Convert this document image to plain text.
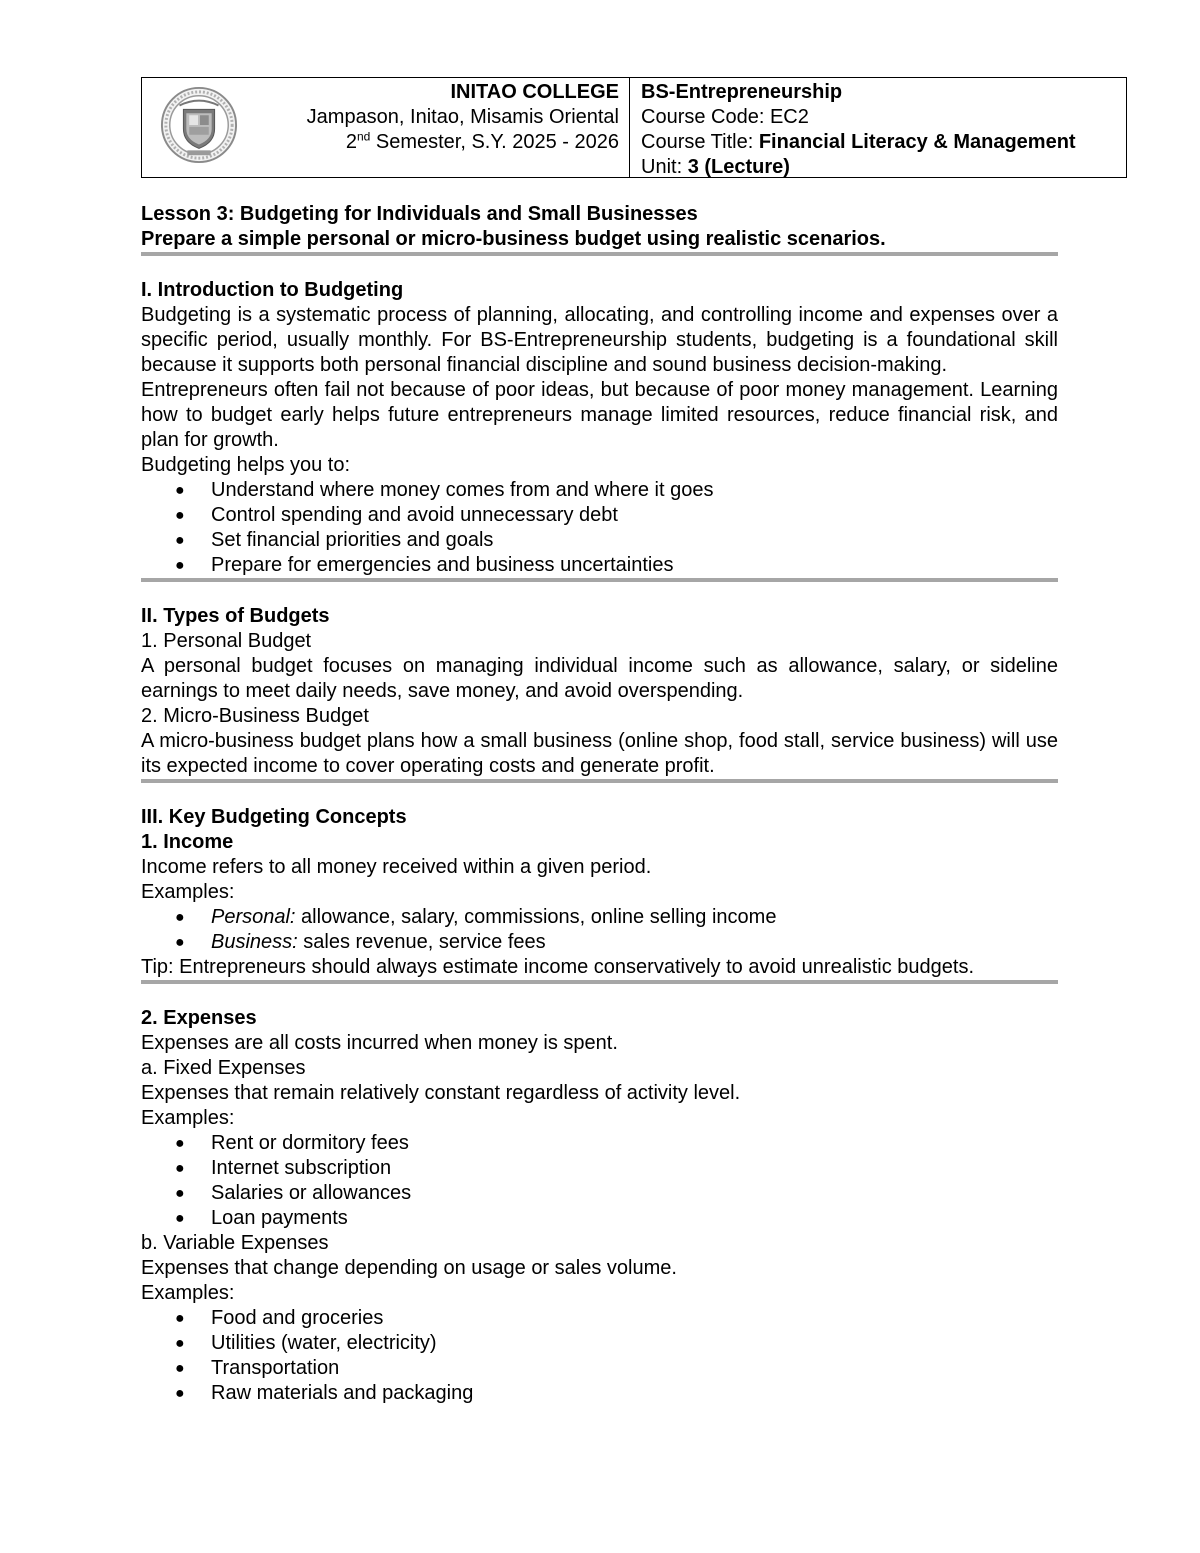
INITAO COLLEGE
Jampason, Initao, Misamis Oriental
2nd Semester, S.Y. 2025 - 2026
BS-Entrepreneurship
Course Code: EC2
Course Title: Financial Literacy & Management
Unit: 3 (Lecture)
Lesson 3: Budgeting for Individuals and Small Businesses
Prepare a simple personal or micro-business budget using realistic scenarios.
I. Introduction to Budgeting

Budgeting is a systematic process of planning, allocating, and controlling income and expenses over a specific period, usually monthly. For BS-Entrepreneurship students, budgeting is a foundational skill because it supports both personal financial discipline and sound business decision-making.

Entrepreneurs often fail not because of poor ideas, but because of poor money management. Learning how to budget early helps future entrepreneurs manage limited resources, reduce financial risk, and plan for growth.

Budgeting helps you to:
● Understand where money comes from and where it goes
● Control spending and avoid unnecessary debt
● Set financial priorities and goals
● Prepare for emergencies and business uncertainties
II. Types of Budgets
1. Personal Budget

A personal budget focuses on managing individual income such as allowance, salary, or sideline earnings to meet daily needs, save money, and avoid overspending.

2. Micro-Business Budget

A micro-business budget plans how a small business (online shop, food stall, service business) will use its expected income to cover operating costs and generate profit.

III. Key Budgeting Concepts
1. Income
Income refers to all money received within a given period.
Examples:
● Personal: allowance, salary, commissions, online selling income
● Business: sales revenue, service fees
Tip: Entrepreneurs should always estimate income conservatively to avoid unrealistic budgets.
2. Expenses
Expenses are all costs incurred when money is spent.
a. Fixed Expenses
Expenses that remain relatively constant regardless of activity level.
Examples:
● Rent or dormitory fees
● Internet subscription
● Salaries or allowances
● Loan payments
b. Variable Expenses
Expenses that change depending on usage or sales volume.
Examples:
● Food and groceries
● Utilities (water, electricity)
● Transportation
● Raw materials and packaging
